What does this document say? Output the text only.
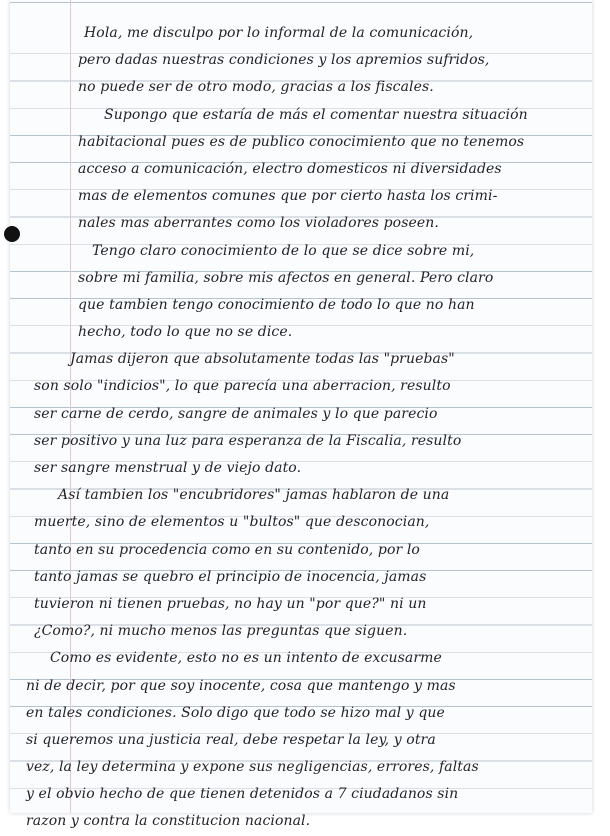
Hola, me disculpo por lo informal de la comunicación,
pero dadas nuestras condiciones y los apremios sufridos,
no puede ser de otro modo, gracias a los fiscales.
Supongo que estaría de más el comentar nuestra situación
habitacional pues es de publico conocimiento que no tenemos
acceso a comunicación, electro domesticos ni diversidades
mas de elementos comunes que por cierto hasta los crimi-
nales mas aberrantes como los violadores poseen.
Tengo claro conocimiento de lo que se dice sobre mi,
sobre mi familia, sobre mis afectos en general. Pero claro
que tambien tengo conocimiento de todo lo que no han
hecho, todo lo que no se dice.
Jamas dijeron que absolutamente todas las "pruebas"
son solo "indicios", lo que parecía una aberracion, resulto
ser carne de cerdo, sangre de animales y lo que parecio
ser positivo y una luz para esperanza de la Fiscalia, resulto
ser sangre menstrual y de viejo dato.
Así tambien los "encubridores" jamas hablaron de una
muerte, sino de elementos u "bultos" que desconocian,
tanto en su procedencia como en su contenido, por lo
tanto jamas se quebro el principio de inocencia, jamas
tuvieron ni tienen pruebas, no hay un "por que?" ni un
¿Como?, ni mucho menos las preguntas que siguen.
Como es evidente, esto no es un intento de excusarme
ni de decir, por que soy inocente, cosa que mantengo y mas
en tales condiciones. Solo digo que todo se hizo mal y que
si queremos una justicia real, debe respetar la ley, y otra
vez, la ley determina y expone sus negligencias, errores, faltas
y el obvio hecho de que tienen detenidos a 7 ciudadanos sin
razon y contra la constitucion nacional.
